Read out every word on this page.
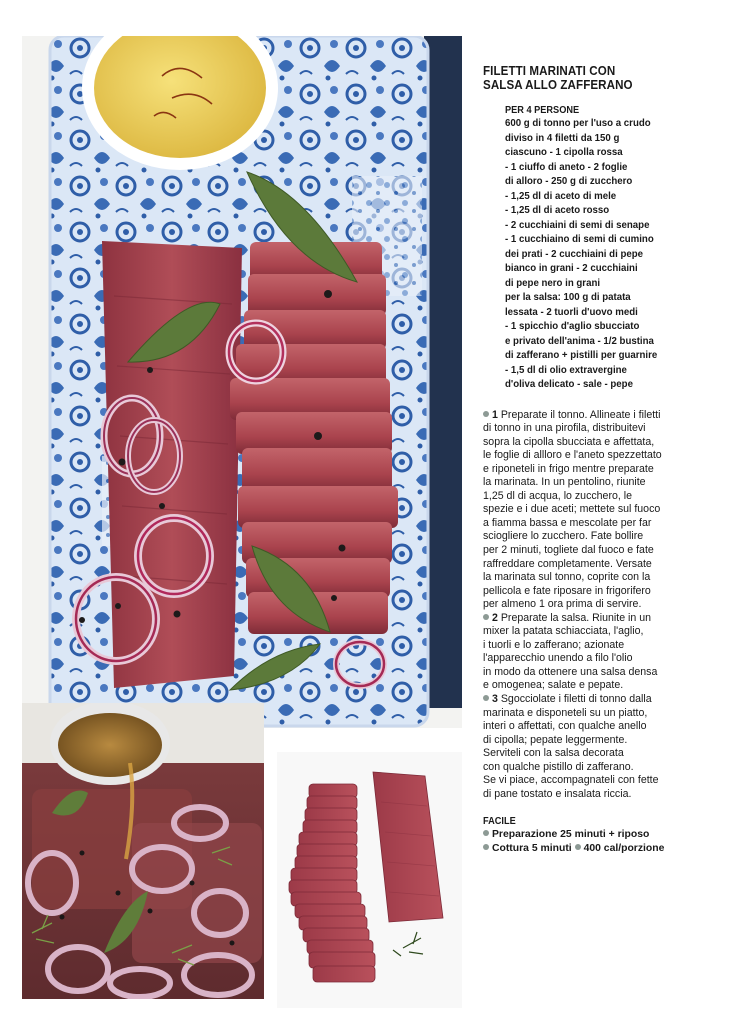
FILETTI MARINATI CON
SALSA ALLO ZAFFERANO
PER 4 PERSONE
600 g di tonno per l'uso a crudo
diviso in 4 filetti da 150 g
ciascuno - 1 cipolla rossa
- 1 ciuffo di aneto - 2 foglie
di alloro - 250 g di zucchero
- 1,25 dl di aceto di mele
- 1,25 dl di aceto rosso
- 2 cucchiaini di semi di senape
- 1 cucchiaino di semi di cumino
dei prati - 2 cucchiaini di pepe
bianco in grani - 2 cucchiaini
di pepe nero in grani
per la salsa: 100 g di patata
lessata - 2 tuorli d'uovo medi
- 1 spicchio d'aglio sbucciato
e privato dell'anima - 1/2 bustina
di zafferano + pistilli per guarnire
- 1,5 dl di olio extravergine
d'oliva delicato - sale - pepe
1 Preparate il tonno. Allineate i filetti
di tonno in una pirofila, distribuitevi
sopra la cipolla sbucciata e affettata,
le foglie di allloro e l'aneto spezzettato
e riponeteli in frigo mentre preparate
la marinata. In un pentolino, riunite
1,25 dl di acqua, lo zucchero, le
spezie e i due aceti; mettete sul fuoco
a fiamma bassa e mescolate per far
sciogliere lo zucchero. Fate bollire
per 2 minuti, togliete dal fuoco e fate
raffreddare completamente. Versate
la marinata sul tonno, coprite con la
pellicola e fate riposare in frigorifero
per almeno 1 ora prima di servire.
2 Preparate la salsa. Riunite in un
mixer la patata schiacciata, l'aglio,
i tuorli e lo zafferano; azionate
l'apparecchio unendo a filo l'olio
in modo da ottenere una salsa densa
e omogenea; salate e pepate.
3 Sgocciolate i filetti di tonno dalla
marinata e disponeteli su un piatto,
interi o affettati, con qualche anello
di cipolla; pepate leggermente.
Serviteli con la salsa decorata
con qualche pistillo di zafferano.
Se vi piace, accompagnateli con fette
di pane tostato e insalata riccia.
FACILE
Preparazione 25 minuti + riposo
Cottura 5 minuti 400 cal/porzione
